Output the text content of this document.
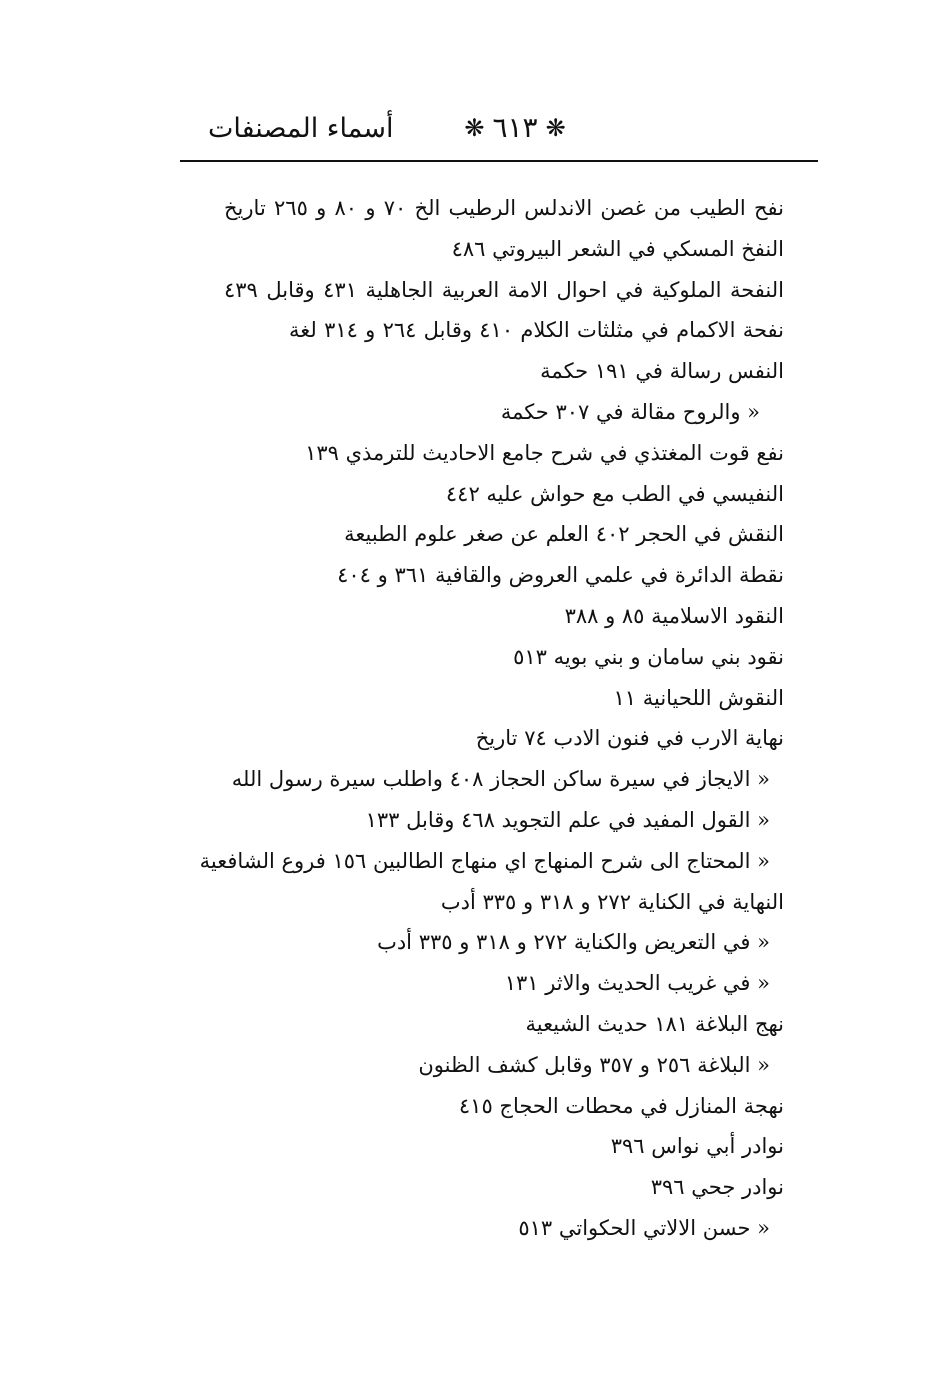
أسماء المصنفات	❋ ٦١٣ ❋
نفح الطيب من غصن الاندلس الرطيب الخ ٧٠ و ٨٠ و ٢٦٥ تاريخ
النفخ المسكي في الشعر البيروتي ٤٨٦
النفحة الملوكية في احوال الامة العربية الجاهلية ٤٣١ وقابل ٤٣٩
نفحة الاكمام في مثلثات الكلام ٤١٠ وقابل ٢٦٤ و ٣١٤ لغة
النفس رسالة في ١٩١ حكمة
« والروح مقالة في ٣٠٧ حكمة
نفع قوت المغتذي في شرح جامع الاحاديث للترمذي ١٣٩
النفيسي في الطب مع حواش عليه ٤٤٢
النقش في الحجر ٤٠٢ العلم عن صغر علوم الطبيعة
نقطة الدائرة في علمي العروض والقافية ٣٦١ و ٤٠٤
النقود الاسلامية ٨٥ و ٣٨٨
نقود بني سامان و بني بويه ٥١٣
النقوش اللحيانية ١١
نهاية الارب في فنون الادب ٧٤ تاريخ
« الايجاز في سيرة ساكن الحجاز ٤٠٨ واطلب سيرة رسول الله
« القول المفيد في علم التجويد ٤٦٨ وقابل ١٣٣
« المحتاج الى شرح المنهاج اي منهاج الطالبين ١٥٦ فروع الشافعية
النهاية في الكناية ٢٧٢ و ٣١٨ و ٣٣٥ أدب
« في التعريض والكناية ٢٧٢ و ٣١٨ و ٣٣٥ أدب
« في غريب الحديث والاثر ١٣١
نهج البلاغة ١٨١ حديث الشيعية
« البلاغة ٢٥٦ و ٣٥٧ وقابل كشف الظنون
نهجة المنازل في محطات الحجاج ٤١٥
نوادر أبي نواس ٣٩٦
نوادر جحي ٣٩٦
« حسن الالاتي الحكواتي ٥١٣
